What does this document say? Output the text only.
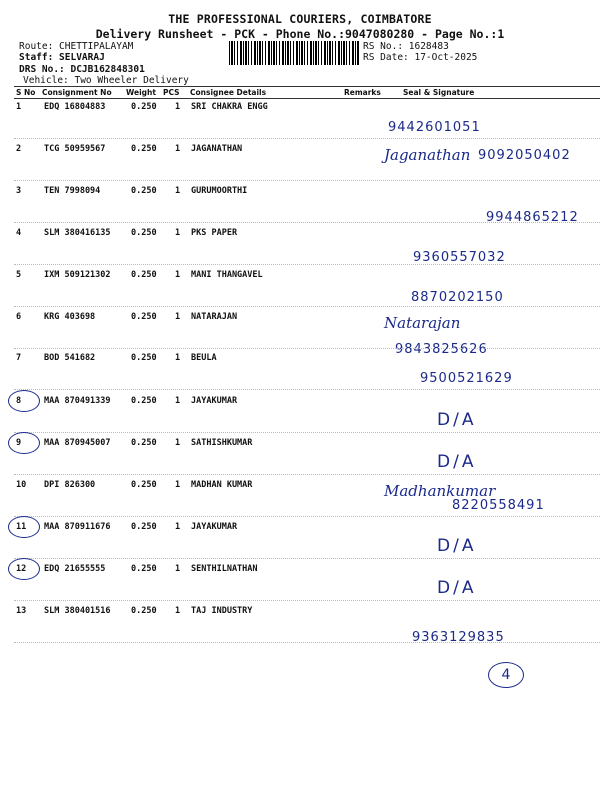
THE PROFESSIONAL COURIERS, COIMBATORE
Delivery Runsheet - PCK - Phone No.:9047080280 - Page No.:1
Route: CHETTIPALAYAM
Staff: SELVARAJ
DRS No.: DCJB162848301
Vehicle: Two Wheeler Delivery
RS No.: 1628483
RS Date: 17-Oct-2025
S No Consignment No Weight PCS Consignee Details	Remarks	Seal & Signature
1	EDQ 16804883	0.250 1 SRI CHAKRA ENGG
9442601051
2	TCG 50959567	0.250 1 JAGANATHAN	Jaganathan 9092050402
3	TEN 7998094	0.250 1 GURUMOORTHI
9944865212
4	SLM 380416135 0.250 1 PKS PAPER
9360557032
5	IXM 509121302 0.250 1 MANI THANGAVEL
8870202150
6	KRG 403698	0.250 1 NATARAJAN	Natarajan
9843825626
7	BOD 541682	0.250 1 BEULA
9500521629
8	MAA 870491339 0.250 1 JAYAKUMAR
D/A
9	MAA 870945007 0.250 1 SATHISHKUMAR
D/A
10 DPI 826300	0.250 1 MADHAN KUMAR	Madhankumar
8220558491
11 MAA 870911676 0.250 1 JAYAKUMAR
D/A
12 EDQ 21655555	0.250 1 SENTHILNATHAN
D/A
13 SLM 380401516 0.250 1 TAJ INDUSTRY
9363129835
4
